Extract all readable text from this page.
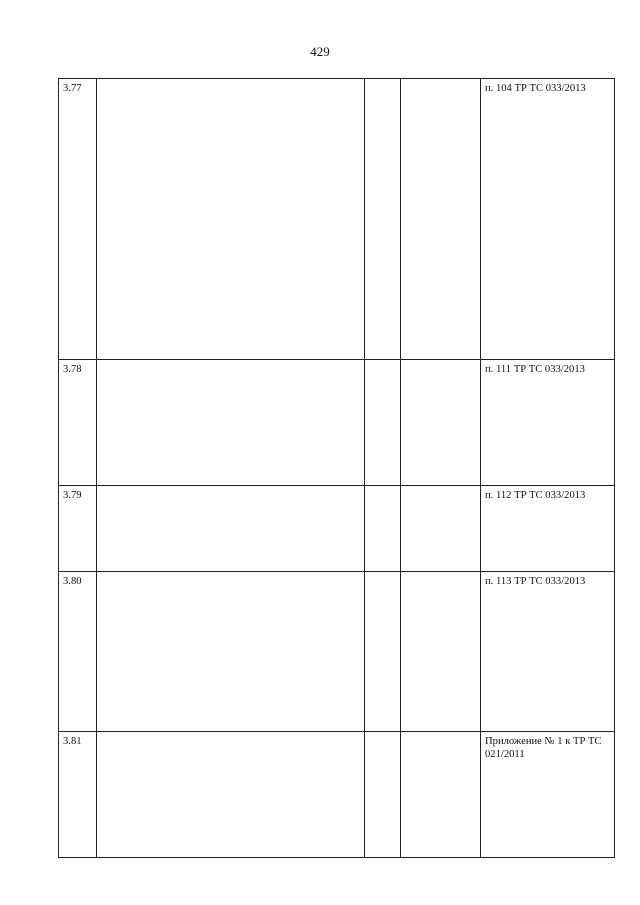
429
3.77				п. 104 ТР ТС 033/2013
3.78				п. 111 ТР ТС 033/2013
3.79				п. 112 ТР ТС 033/2013
3.80				п. 113 ТР ТС 033/2013
3.81				Приложение № 1 к ТР ТС 021/2011
